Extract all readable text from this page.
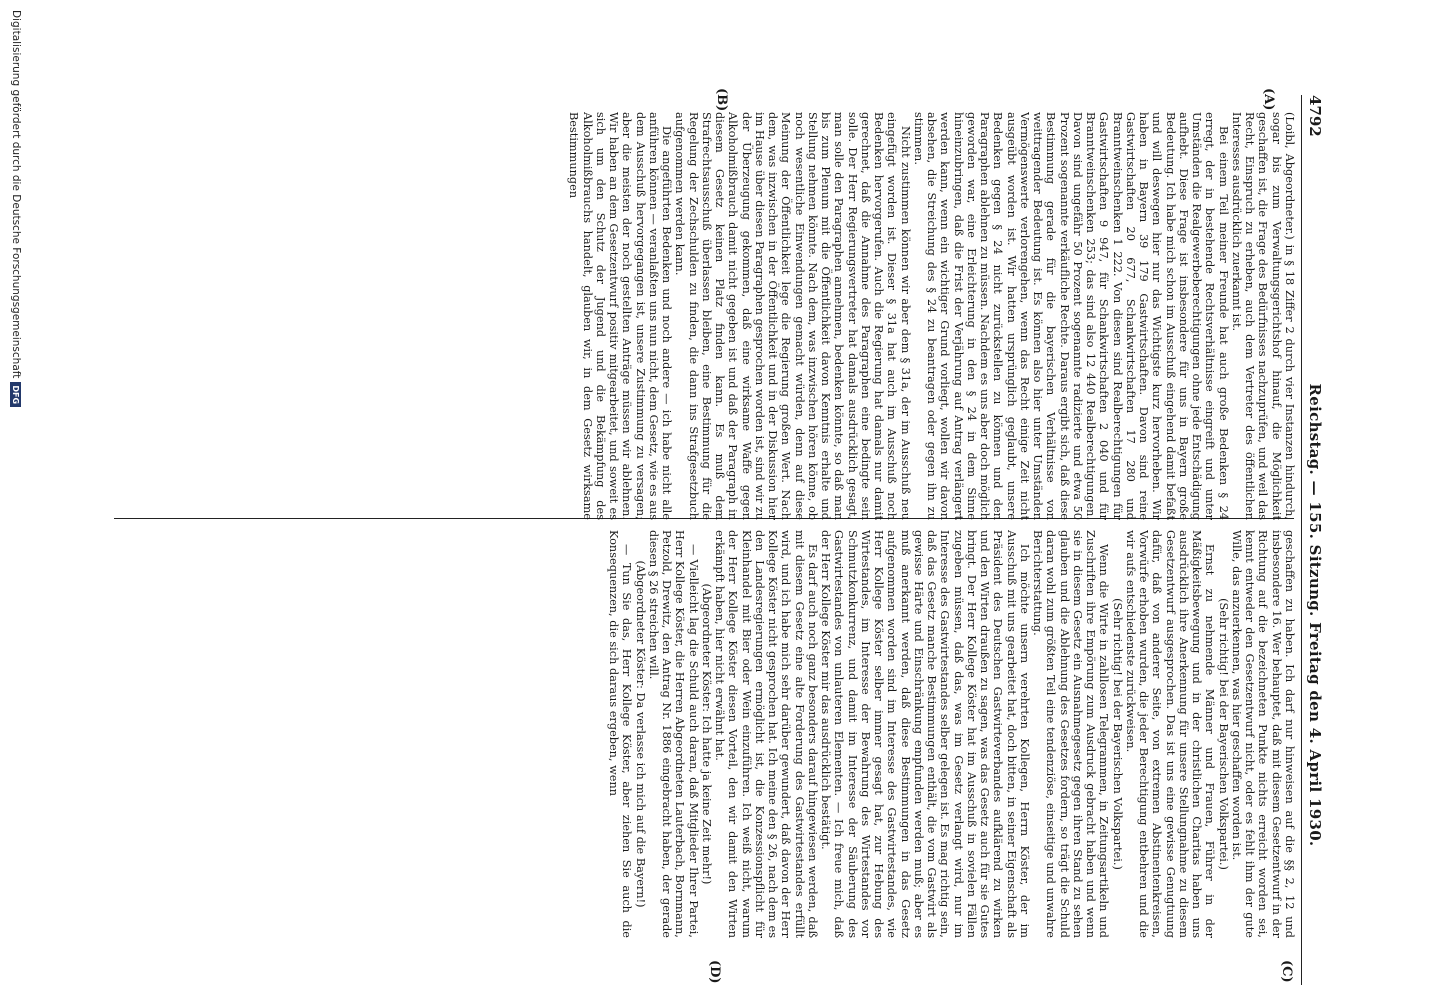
4792
Reichstag. — 155. Sitzung. Freitag den 4. April 1930.
(A)
(B)
(C)
(D)

(Loibl, Abgeordneter.) in § 18 Ziffer 2 durch vier Instanzen hindurch, sogar bis zum Verwaltungsgerichtshof hinauf, die Möglichkeit geschaffen ist, die Frage des Bedürfnisses nachzuprüfen, und weil das Recht, Einspruch zu erheben, auch dem Vertreter des öffentlichen Interesses ausdrücklich zuerkannt ist.

Bei einem Teil meiner Freunde hat auch große Bedenken § 24 erregt, der in bestehende Rechtsverhältnisse eingreift und unter Umständen die Realgewerbeberechtigungen ohne jede Entschädigung aufhebt. Diese Frage ist insbesondere für uns in Bayern große Bedeutung. Ich habe mich schon im Ausschuß eingehend damit befaßt und will deswegen hier nur das Wichtigste kurz hervorheben. Wir haben in Bayern 39 179 Gastwirtschaften. Davon sind reine Gastwirtschaften 20 677, Schankwirtschaften 17 280 und Branntweinschenken 1 222. Von diesen sind Realberechtigungen für Gastwirtschaften 9 947, für Schankwirtschaften 2 040 und für Branntweinschenken 253; das sind also 12 440 Realberechtigungen. Davon sind ungefähr 50 Prozent sogenannte radizierte und etwa 50 Prozent sogenannte verkäufliche Rechte. Daraus ergibt sich, daß diese Bestimmung gerade für die bayerischen Verhältnisse von weittragender Bedeutung ist. Es können also hier unter Umständen Vermögenswerte verlorengehen, wenn das Recht einige Zeit nicht ausgeübt worden ist. Wir hatten ursprünglich geglaubt, unsere Bedenken gegen § 24 nicht zurückstellen zu können und den Paragraphen ablehnen zu müssen. Nachdem es uns aber doch möglich geworden war, eine Erleichterung in den § 24 in dem Sinne hineinzubringen, daß die Frist der Verjährung auf Antrag verlängert werden kann, wenn ein wichtiger Grund vorliegt, wollen wir davon absehen, die Streichung des § 24 zu beantragen oder gegen ihn zu stimmen.

Nicht zustimmen können wir aber dem § 31a, der im Ausschuß neu eingefügt worden ist. Dieser § 31a hat auch im Ausschuß noch Bedenken hervorgerufen. Auch die Regierung hat damals nur damit gerechnet, daß die Annahme des Paragraphen eine bedingte sein solle. Der Herr Regierungsvertreter hat damals ausdrücklich gesagt, man solle den Paragraphen annehmen, bedenken könnte, so daß man bis zum Plenum mit die Öffentlichkeit davon Kenntnis erhalte und Stellung nehmen könnte. Nach dem, was inzwischen hören könne, ob noch wesentliche Einwendungen gemacht würden, denn auf diese Meinung der Öffentlichkeit lege die Regierung großen Wert. Nach dem, was inzwischen in der Öffentlichkeit und in der Diskussion hier im Hause über diesen Paragraphen gesprochen worden ist, sind wir zu der Überzeugung gekommen, daß eine wirksame Waffe gegen Alkoholmißbrauch damit nicht gegeben ist und daß der Paragraph in diesem Gesetz keinen Platz finden kann. Es muß dem Strafrechtsausschuß überlassen bleiben, eine Bestimmung für die Regelung der Zechschulden zu finden, die dann ins Strafgesetzbuch aufgenommen werden kann.

Die angeführten Bedenken und noch andere — ich habe nicht alle anführen können — veranlaßten uns nun nicht, dem Gesetz, wie es aus dem Ausschuß hervorgegangen ist, unsere Zustimmung zu versagen; aber die meisten der noch gestellten Anträge müssen wir ablehnen. Wir haben an dem Gesetzentwurf positiv mitgearbeitet, und soweit es sich um den Schutz der Jugend und die Bekämpfung des Alkoholmißbrauchs handelt, glauben wir, in dem Gesetz wirksame Bestimmungen

geschaffen zu haben. Ich darf nur hinweisen auf die §§ 2, 12 und insbesondere 16. Wer behauptet, daß mit diesem Gesetzentwurf in der Richtung auf die bezeichneten Punkte nichts erreicht worden sei, kennt entweder den Gesetzentwurf nicht, oder es fehlt ihm der gute Wille, das anzuerkennen, was hier geschaffen worden ist.

(Sehr richtig! bei der Bayerischen Volkspartei.)

Ernst zu nehmende Männer und Frauen, Führer in der Mäßigkeitsbewegung und in der christlichen Charitas haben uns ausdrücklich ihre Anerkennung für unsere Stellungnahme zu diesem Gesetzentwurf ausgesprochen. Das ist uns eine gewisse Genugtuung dafür, daß von anderer Seite, von extremen Abstinentenkreisen, Vorwürfe erhoben wurden, die jeder Berechtigung entbehren und die wir aufs entschiedenste zurückweisen.

(Sehr richtig! bei der Bayerischen Volkspartei.)

Wenn die Wirte in zahllosen Telegrammen, in Zeitungsartikeln und Zuschriften ihre Empörung zum Ausdruck gebracht haben und wenn sie in diesem Gesetz ein Ausnahmegesetz gegen ihren Stand zu sehen glauben und die Ablehnung des Gesetzes fordern, so trägt die Schuld daran wohl zum größten Teil eine tendenziöse, einseitige und unwahre Berichterstattung.

Ich möchte unsern verehrten Kollegen, Herrn Köster, der im Ausschuß mit uns gearbeitet hat, doch bitten, in seiner Eigenschaft als Präsident des Deutschen Gastwirteverbandes aufklärend zu wirken und den Wirten draußen zu sagen, was das Gesetz auch für sie Gutes bringt. Der Herr Kollege Köster hat im Ausschuß in sovielen Fällen zugeben müssen, daß das, was im Gesetz verlangt wird, nur im Interesse des Gastwirtestandes selber gelegen ist. Es mag richtig sein, daß das Gesetz manche Bestimmungen enthält, die vom Gastwirt als gewisse Härte und Einschränkung empfunden werden muß; aber es muß anerkannt werden, daß diese Bestimmungen in das Gesetz aufgenommen worden sind im Interesse des Gastwirtestandes, wie Herr Kollege Köster selber immer gesagt hat, zur Hebung des Wirtestandes, im Interesse der Bewahrung des Wirtestandes vor Schmutzkonkurrenz, und damit im Interesse der Säuberung des Gastwirtestandes von unlauteren Elementen. — Ich freue mich, daß der Herr Kollege Köster mir das ausdrücklich bestätigt.

Es darf auch noch ganz besonders darauf hingewiesen werden, daß mit diesem Gesetz eine alte Forderung des Gastwirtestandes erfüllt wird, und ich habe mich sehr darüber gewundert, daß davon der Herr Kollege Köster nicht gesprochen hat. Ich meine den § 26, nach dem es den Landesregierungen ermöglicht ist, die Konzessionspflicht für Kleinhandel mit Bier oder Wein einzuführen. Ich weiß nicht, warum der Herr Kollege Köster diesen Vorteil, den wir damit den Wirten erkämpft haben, hier nicht erwähnt hat.

(Abgeordneter Köster: Ich hatte ja keine Zeit mehr!)

— Vielleicht lag die Schuld auch daran, daß Mitglieder Ihrer Partei, Herr Kollege Köster, die Herren Abgeordneten Lauterbach, Bornmann, Petzold, Drewitz, den Antrag Nr. 1886 eingebracht haben, der gerade diesen § 26 streichen will.

(Abgeordneter Köster: Da verlasse ich mich auf die Bayern!)

— Tun Sie das, Herr Kollege Köster, aber ziehen Sie auch die Konsequenzen, die sich daraus ergeben, wenn

Digitalisierung gefördert durch die Deutsche ForschungsgemeinschaftDFG
